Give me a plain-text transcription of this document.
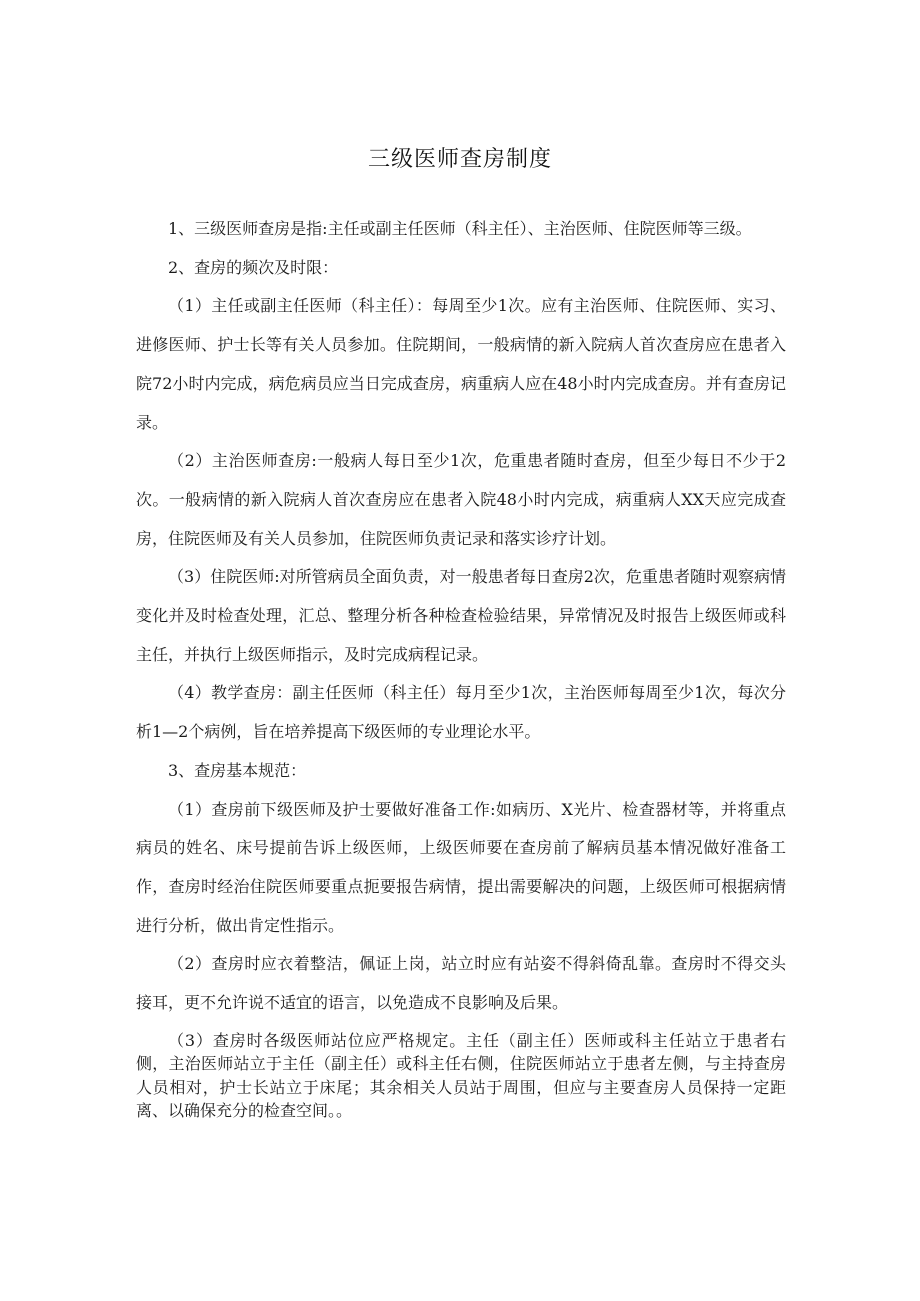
三级医师查房制度

1、三级医师查房是指:主任或副主任医师（科主任）、主治医师、住院医师等三级。

2、查房的频次及时限：

（1）主任或副主任医师（科主任）：每周至少1次。应有主治医师、住院医师、实习、进修医师、护士长等有关人员参加。住院期间，一般病情的新入院病人首次查房应在患者入院72小时内完成，病危病员应当日完成查房，病重病人应在48小时内完成查房。并有查房记录。

（2）主治医师查房:一般病人每日至少1次，危重患者随时查房，但至少每日不少于2次。一般病情的新入院病人首次查房应在患者入院48小时内完成，病重病人XX天应完成查房，住院医师及有关人员参加，住院医师负责记录和落实诊疗计划。

（3）住院医师:对所管病员全面负责，对一般患者每日查房2次，危重患者随时观察病情变化并及时检查处理，汇总、整理分析各种检查检验结果，异常情况及时报告上级医师或科主任，并执行上级医师指示，及时完成病程记录。

（4）教学查房：副主任医师（科主任）每月至少1次，主治医师每周至少1次，每次分析1—2个病例，旨在培养提高下级医师的专业理论水平。

3、查房基本规范：

（1）查房前下级医师及护士要做好准备工作:如病历、X光片、检查器材等，并将重点病员的姓名、床号提前告诉上级医师，上级医师要在查房前了解病员基本情况做好准备工作，查房时经治住院医师要重点扼要报告病情，提出需要解决的问题，上级医师可根据病情进行分析，做出肯定性指示。

（2）查房时应衣着整洁，佩证上岗，站立时应有站姿不得斜倚乱靠。查房时不得交头接耳，更不允许说不适宜的语言，以免造成不良影响及后果。

（3）查房时各级医师站位应严格规定。主任（副主任）医师或科主任站立于患者右侧，主治医师站立于主任（副主任）或科主任右侧，住院医师站立于患者左侧，与主持查房人员相对，护士长站立于床尾；其余相关人员站于周围，但应与主要查房人员保持一定距离、以确保充分的检查空间。。
